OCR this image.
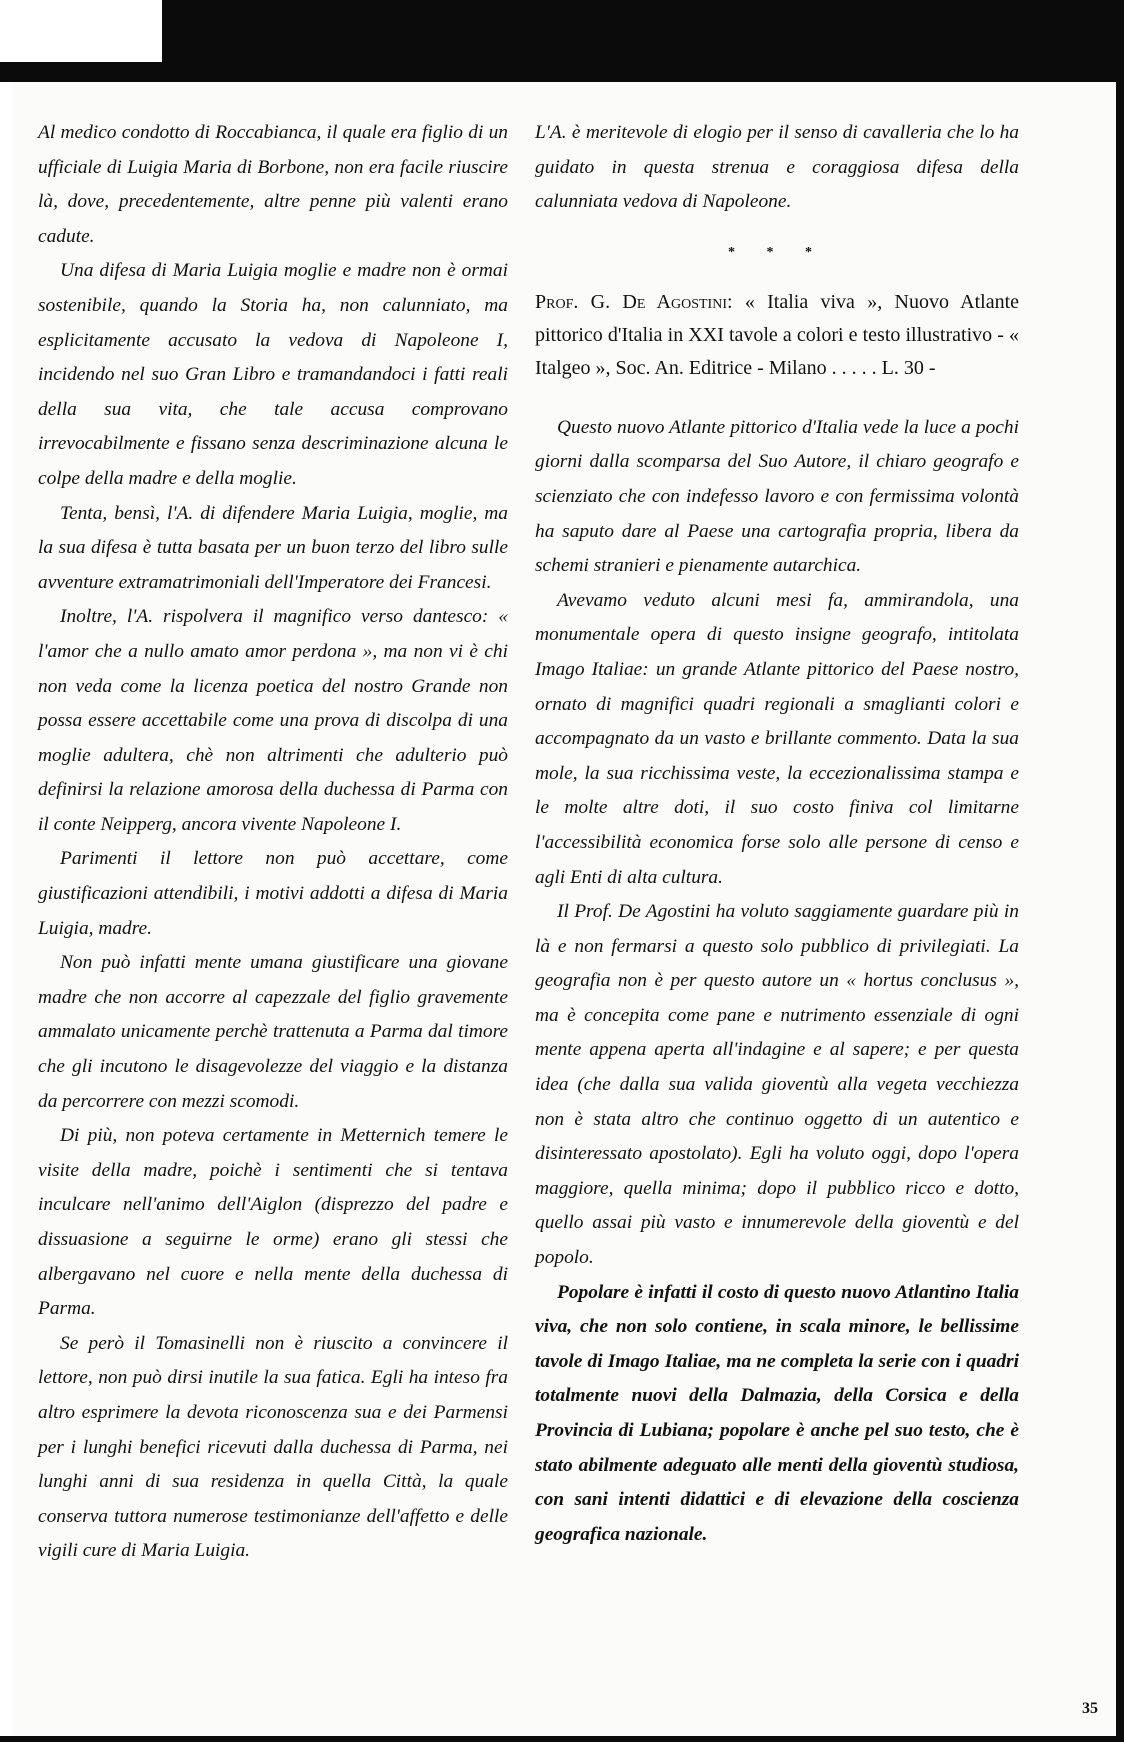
Al medico condotto di Roccabianca, il quale era figlio di un ufficiale di Luigia Maria di Borbone, non era facile riuscire là, dove, precedentemente, altre penne più valenti erano cadute.

Una difesa di Maria Luigia moglie e madre non è ormai sostenibile, quando la Storia ha, non calunniato, ma esplicitamente accusato la vedova di Napoleone I, incidendo nel suo Gran Libro e tramandandoci i fatti reali della sua vita, che tale accusa comprovano irrevocabilmente e fissano senza descriminazione alcuna le colpe della madre e della moglie.

Tenta, bensì, l'A. di difendere Maria Luigia, moglie, ma la sua difesa è tutta basata per un buon terzo del libro sulle avventure extramatrimoniali dell'Imperatore dei Francesi.

Inoltre, l'A. rispolvera il magnifico verso dantesco: « l'amor che a nullo amato amor perdona », ma non vi è chi non veda come la licenza poetica del nostro Grande non possa essere accettabile come una prova di discolpa di una moglie adultera, chè non altrimenti che adulterio può definirsi la relazione amorosa della duchessa di Parma con il conte Neipperg, ancora vivente Napoleone I.

Parimenti il lettore non può accettare, come giustificazioni attendibili, i motivi addotti a difesa di Maria Luigia, madre.

Non può infatti mente umana giustificare una giovane madre che non accorre al capezzale del figlio gravemente ammalato unicamente perchè trattenuta a Parma dal timore che gli incutono le disagevolezze del viaggio e la distanza da percorrere con mezzi scomodi.

Di più, non poteva certamente in Metternich temere le visite della madre, poichè i sentimenti che si tentava inculcare nell'animo dell'Aiglon (disprezzo del padre e dissuasione a seguirne le orme) erano gli stessi che albergavano nel cuore e nella mente della duchessa di Parma.

Se però il Tomasinelli non è riuscito a convincere il lettore, non può dirsi inutile la sua fatica. Egli ha inteso fra altro esprimere la devota riconoscenza sua e dei Parmensi per i lunghi benefici ricevuti dalla duchessa di Parma, nei lunghi anni di sua residenza in quella Città, la quale conserva tuttora numerose testimonianze dell'affetto e delle vigili cure di Maria Luigia.

L'A. è meritevole di elogio per il senso di cavalleria che lo ha guidato in questa strenua e coraggiosa difesa della calunniata vedova di Napoleone.

* * *
Prof. G. De Agostini: « Italia viva », Nuovo Atlante pittorico d'Italia in XXI tavole a colori e testo illustrativo - « Italgeo », Soc. An. Editrice - Milano . . . . . L. 30 -

Questo nuovo Atlante pittorico d'Italia vede la luce a pochi giorni dalla scomparsa del Suo Autore, il chiaro geografo e scienziato che con indefesso lavoro e con fermissima volontà ha saputo dare al Paese una cartografia propria, libera da schemi stranieri e pienamente autarchica.

Avevamo veduto alcuni mesi fa, ammirandola, una monumentale opera di questo insigne geografo, intitolata Imago Italiae: un grande Atlante pittorico del Paese nostro, ornato di magnifici quadri regionali a smaglianti colori e accompagnato da un vasto e brillante commento. Data la sua mole, la sua ricchissima veste, la eccezionalissima stampa e le molte altre doti, il suo costo finiva col limitarne l'accessibilità economica forse solo alle persone di censo e agli Enti di alta cultura.

Il Prof. De Agostini ha voluto saggiamente guardare più in là e non fermarsi a questo solo pubblico di privilegiati. La geografia non è per questo autore un « hortus conclusus », ma è concepita come pane e nutrimento essenziale di ogni mente appena aperta all'indagine e al sapere; e per questa idea (che dalla sua valida gioventù alla vegeta vecchiezza non è stata altro che continuo oggetto di un autentico e disinteressato apostolato). Egli ha voluto oggi, dopo l'opera maggiore, quella minima; dopo il pubblico ricco e dotto, quello assai più vasto e innumerevole della gioventù e del popolo.

Popolare è infatti il costo di questo nuovo Atlantino Italia viva, che non solo contiene, in scala minore, le bellissime tavole di Imago Italiae, ma ne completa la serie con i quadri totalmente nuovi della Dalmazia, della Corsica e della Provincia di Lubiana; popolare è anche pel suo testo, che è stato abilmente adeguato alle menti della gioventù studiosa, con sani intenti didattici e di elevazione della coscienza geografica nazionale.

35
